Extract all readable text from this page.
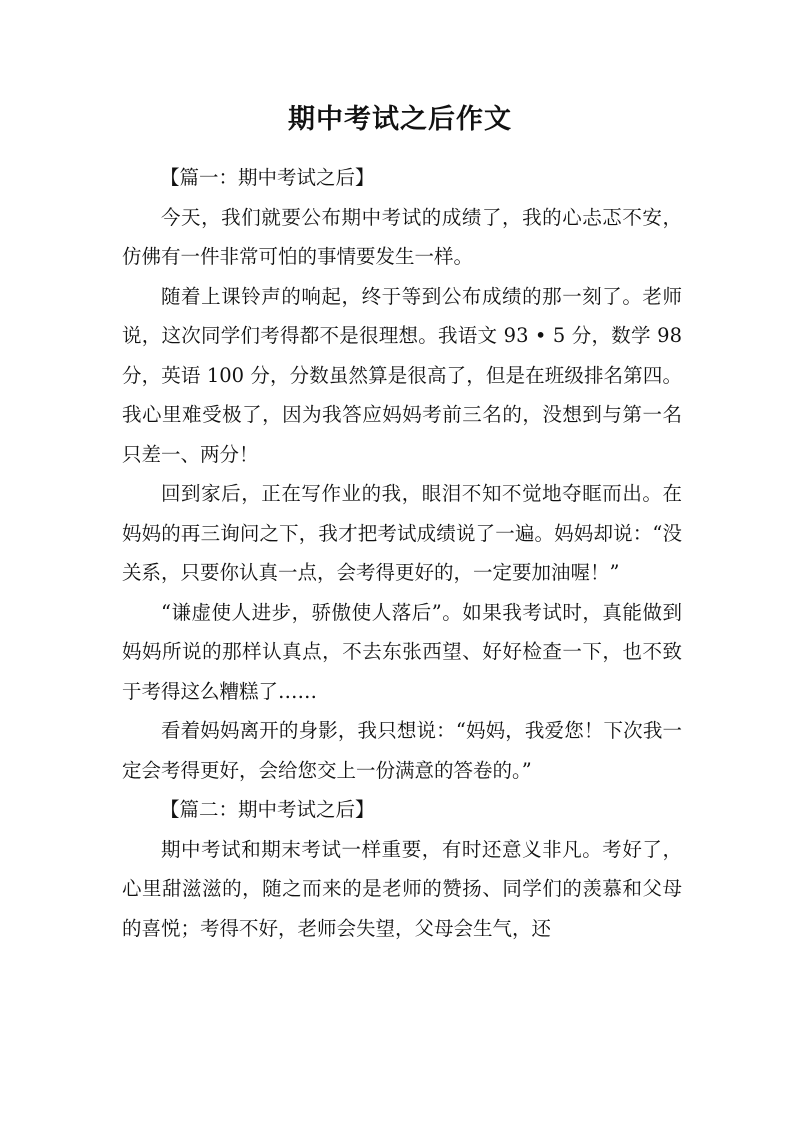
期中考试之后作文

【篇一：期中考试之后】

今天，我们就要公布期中考试的成绩了，我的心忐忑不安，仿佛有一件非常可怕的事情要发生一样。

随着上课铃声的响起，终于等到公布成绩的那一刻了。老师说，这次同学们考得都不是很理想。我语文 93 • 5 分，数学 98 分，英语 100 分，分数虽然算是很高了，但是在班级排名第四。我心里难受极了，因为我答应妈妈考前三名的，没想到与第一名只差一、两分！

回到家后，正在写作业的我，眼泪不知不觉地夺眶而出。在妈妈的再三询问之下，我才把考试成绩说了一遍。妈妈却说：“没关系，只要你认真一点，会考得更好的，一定要加油喔！”

“谦虚使人进步，骄傲使人落后”。如果我考试时，真能做到妈妈所说的那样认真点，不去东张西望、好好检查一下，也不致于考得这么糟糕了……

看着妈妈离开的身影，我只想说：“妈妈，我爱您！下次我一定会考得更好，会给您交上一份满意的答卷的。”

【篇二：期中考试之后】

期中考试和期末考试一样重要，有时还意义非凡。考好了，心里甜滋滋的，随之而来的是老师的赞扬、同学们的羡慕和父母的喜悦；考得不好，老师会失望，父母会生气，还
